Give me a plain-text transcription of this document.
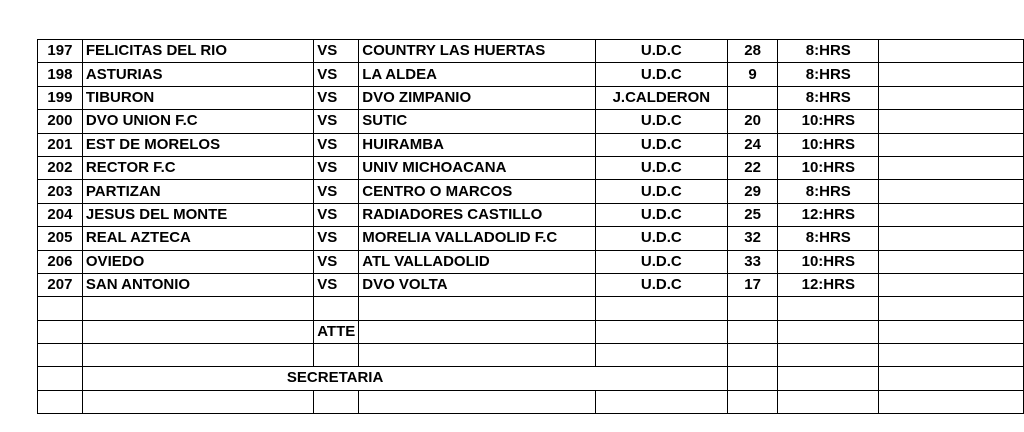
197	FELICITAS DEL RIO	VS	COUNTRY LAS HUERTAS	U.D.C	28	8:HRS	
198	ASTURIAS	VS	LA ALDEA	U.D.C	9	8:HRS	
199	TIBURON	VS	DVO ZIMPANIO	J.CALDERON		8:HRS	
200	DVO UNION F.C	VS	SUTIC	U.D.C	20	10:HRS	
201	EST DE MORELOS	VS	HUIRAMBA	U.D.C	24	10:HRS	
202	RECTOR F.C	VS	UNIV MICHOACANA	U.D.C	22	10:HRS	
203	PARTIZAN	VS	CENTRO O MARCOS	U.D.C	29	8:HRS	
204	JESUS DEL MONTE	VS	RADIADORES CASTILLO	U.D.C	25	12:HRS	
205	REAL AZTECA	VS	MORELIA VALLADOLID F.C	U.D.C	32	8:HRS	
206	OVIEDO	VS	ATL VALLADOLID	U.D.C	33	10:HRS	
207	SAN ANTONIO	VS	DVO VOLTA	U.D.C	17	12:HRS	

		ATTE					

	SECRETARIA						
